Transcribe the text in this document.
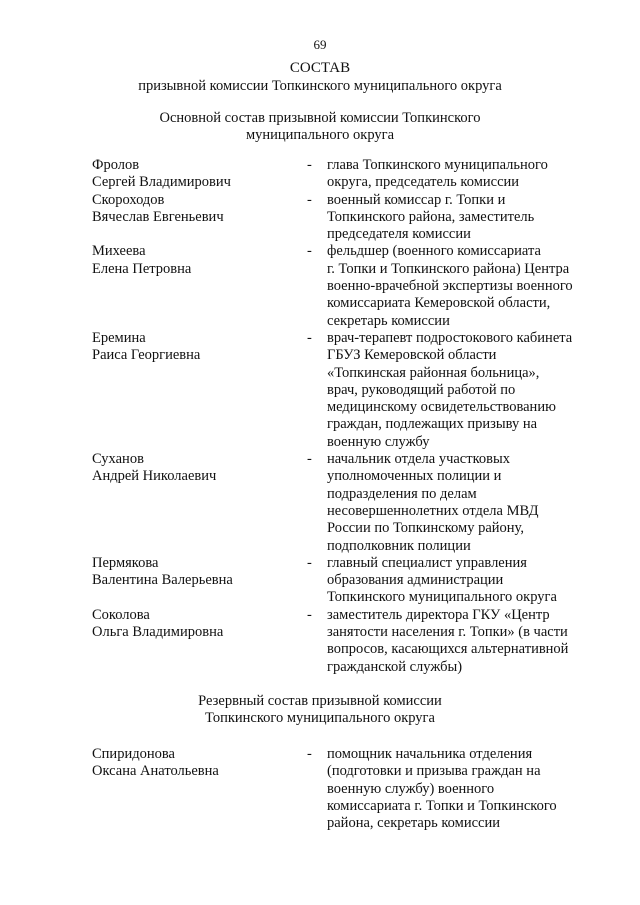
69
СОСТАВ
призывной комиссии Топкинского муниципального округа
Основной состав призывной комиссии Топкинского
муниципального округа
Фролов
Сергей Владимирович
- глава Топкинского муниципального
округа, председатель комиссии
Скороходов
Вячеслав Евгеньевич
- военный комиссар г. Топки и
Топкинского района, заместитель
председателя комиссии
Михеева
Елена Петровна
- фельдшер (военного комиссариата
г. Топки и Топкинского района) Центра
военно-врачебной экспертизы военного
комиссариата Кемеровской области,
секретарь комиссии
Еремина
Раиса Георгиевна
- врач-терапевт подростокового кабинета
ГБУЗ Кемеровской области
«Топкинская районная больница»,
врач, руководящий работой по
медицинскому освидетельствованию
граждан, подлежащих призыву на
военную службу
Суханов
Андрей Николаевич
- начальник отдела участковых
уполномоченных полиции и
подразделения по делам
несовершеннолетних отдела МВД
России по Топкинскому району,
подполковник полиции
Пермякова
Валентина Валерьевна
- главный специалист управления
образования администрации
Топкинского муниципального округа
Соколова
Ольга Владимировна
- заместитель директора ГКУ «Центр
занятости населения г. Топки» (в части
вопросов, касающихся альтернативной
гражданской службы)
Резервный состав призывной комиссии
Топкинского муниципального округа
Спиридонова
Оксана Анатольевна
- помощник начальника отделения
(подготовки и призыва граждан на
военную службу) военного
комиссариата г. Топки и Топкинского
района, секретарь комиссии
